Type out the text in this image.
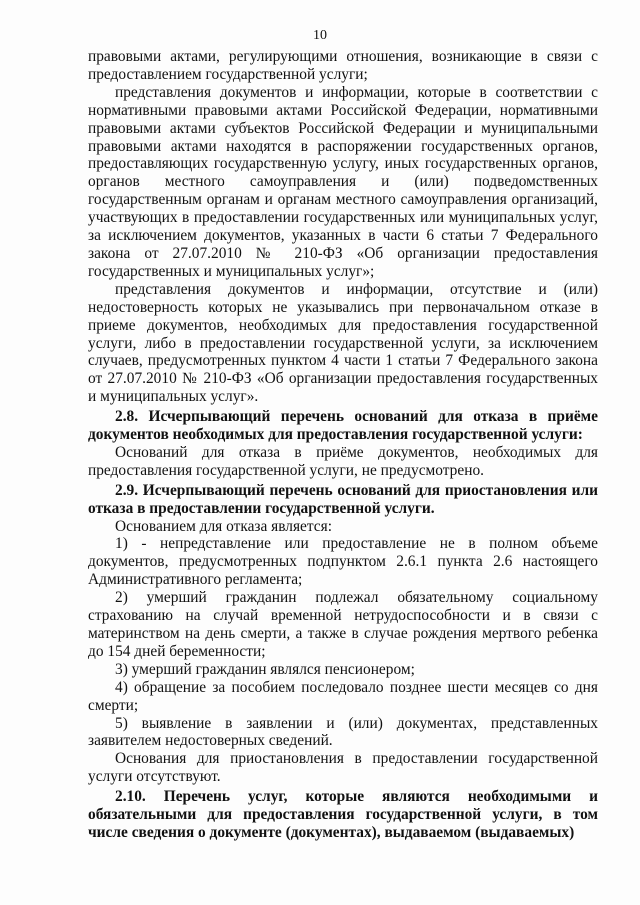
10

правовыми актами, регулирующими отношения, возникающие в связи с предоставлением государственной услуги;

представления документов и информации, которые в соответствии с нормативными правовыми актами Российской Федерации, нормативными правовыми актами субъектов Российской Федерации и муниципальными правовыми актами находятся в распоряжении государственных органов, предоставляющих государственную услугу, иных государственных органов, органов местного самоуправления и (или) подведомственных государственным органам и органам местного самоуправления организаций, участвующих в предоставлении государственных или муниципальных услуг, за исключением документов, указанных в части 6 статьи 7 Федерального закона от 27.07.2010 № 210-ФЗ «Об организации предоставления государственных и муниципальных услуг»;

представления документов и информации, отсутствие и (или) недостоверность которых не указывались при первоначальном отказе в приеме документов, необходимых для предоставления государственной услуги, либо в предоставлении государственной услуги, за исключением случаев, предусмотренных пунктом 4 части 1 статьи 7 Федерального закона от 27.07.2010 № 210-ФЗ «Об организации предоставления государственных и муниципальных услуг».

2.8. Исчерпывающий перечень оснований для отказа в приёме документов необходимых для предоставления государственной услуги:

Оснований для отказа в приёме документов, необходимых для предоставления государственной услуги, не предусмотрено.

2.9. Исчерпывающий перечень оснований для приостановления или отказа в предоставлении государственной услуги.

Основанием для отказа является:

1) - непредставление или предоставление не в полном объеме документов, предусмотренных подпунктом 2.6.1 пункта 2.6 настоящего Административного регламента;

2) умерший гражданин подлежал обязательному социальному страхованию на случай временной нетрудоспособности и в связи с материнством на день смерти, а также в случае рождения мертвого ребенка до 154 дней беременности;

3) умерший гражданин являлся пенсионером;

4) обращение за пособием последовало позднее шести месяцев со дня смерти;

5) выявление в заявлении и (или) документах, представленных заявителем недостоверных сведений.

Основания для приостановления в предоставлении государственной услуги отсутствуют.

2.10. Перечень услуг, которые являются необходимыми и обязательными для предоставления государственной услуги, в том числе сведения о документе (документах), выдаваемом (выдаваемых)
